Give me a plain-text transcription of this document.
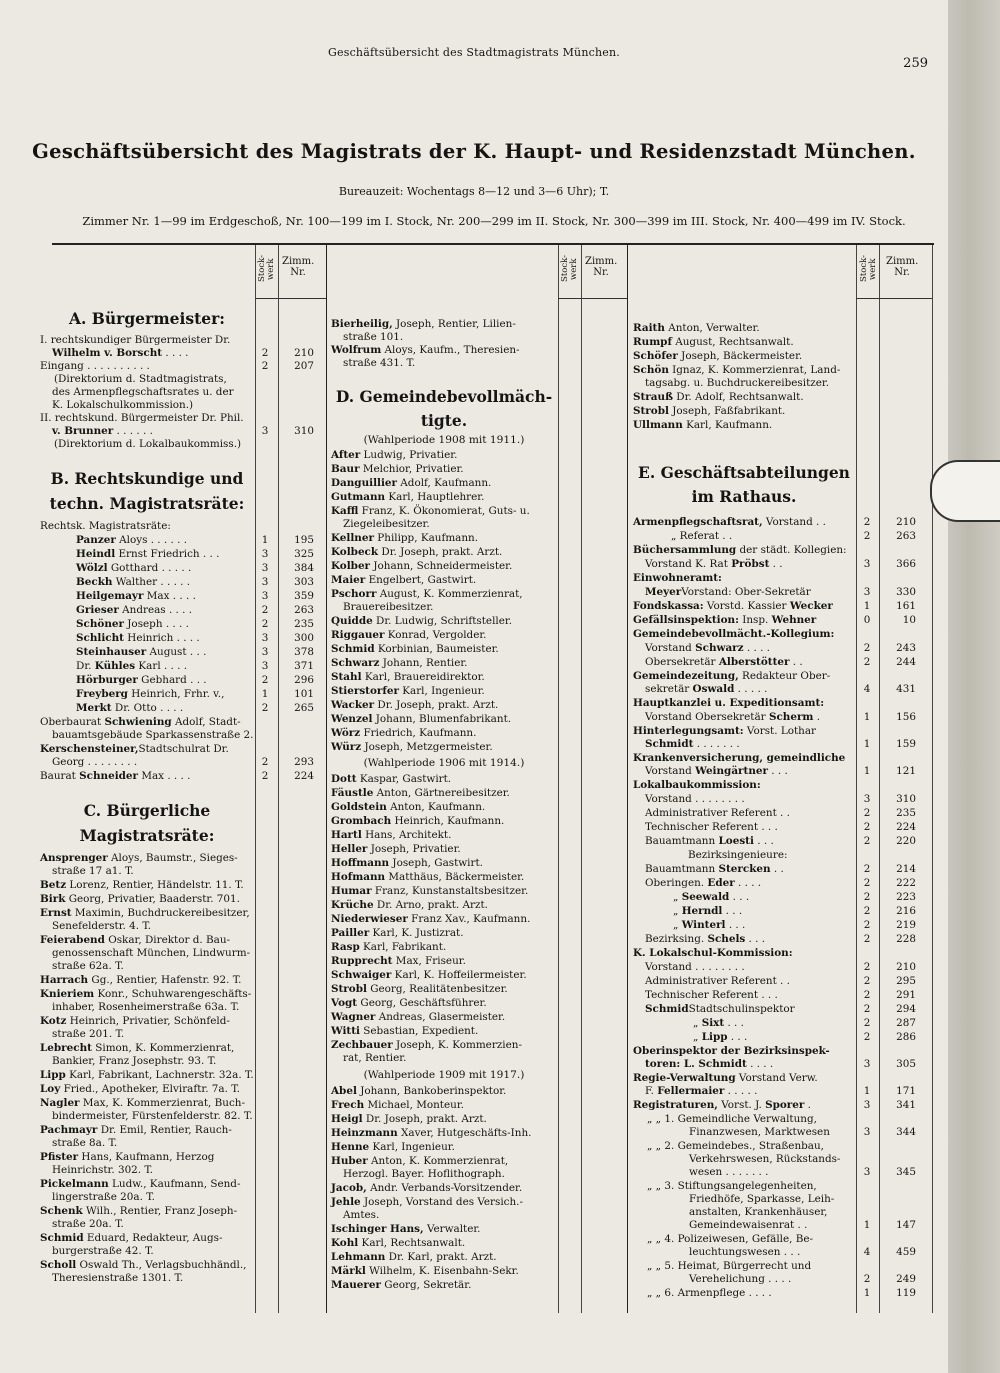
Geschäftsübersicht des Stadtmagistrats München.
259
Geschäftsübersicht des Magistrats der K. Haupt- und Residenzstadt München.
Bureauzeit: Wochentags 8—12 und 3—6 Uhr); T.
Zimmer Nr. 1—99 im Erdgeschoß, Nr. 100—199 im I. Stock, Nr. 200—299 im II. Stock, Nr. 300—399 im III. Stock, Nr. 400—499 im IV. Stock.
Stock-werk Zimm. Nr.	Stock-werk Zimm. Nr.	Stock-werk Zimm. Nr.
A. Bürgermeister:
I. rechtskundiger Bürgermeister Dr.
Wilhelm v. Borscht . . . .	2	210
Eingang . . . . . . . . . .	2	207
(Direktorium d. Stadtmagistrats,
des Armenpflegschaftsrates u. der
K. Lokalschulkommission.)
II. rechtskund. Bürgermeister Dr. Phil.
v. Brunner . . . . . .	3	310
(Direktorium d. Lokalbaukommiss.)
B. Rechtskundige und
techn. Magistratsräte:
Rechtsk. Magistratsräte:
Panzer Aloys . . . . . .	1	195
Heindl Ernst Friedrich . . .	3	325
Wölzl Gotthard . . . . .	3	384
Beckh Walther . . . . .	3	303
Heilgemayr Max . . . .	3	359
Grieser Andreas . . . .	2	263
Schöner Joseph . . . .	2	235
Schlicht Heinrich . . . .	3	300
Steinhauser August . . .	3	378
Dr. Kühles Karl . . . .	3	371
Hörburger Gebhard . . .	2	296
Freyberg Heinrich, Frhr. v.,	1	101
Merkt Dr. Otto . . . .	2	265
Oberbaurat Schwiening Adolf, Stadt-
bauamtsgebäude Sparkassenstraße 2.
Kerschensteiner,Stadtschulrat Dr.
Georg . . . . . . . .	2	293
Baurat Schneider Max . . . .	2	224
C. Bürgerliche
Magistratsräte:
Ansprenger Aloys, Baumstr., Sieges-
straße 17 a1. T.
Betz Lorenz, Rentier, Händelstr. 11. T.
Birk Georg, Privatier, Baaderstr. 701.
Ernst Maximin, Buchdruckereibesitzer,
Senefelderstr. 4. T.
Feierabend Oskar, Direktor d. Bau-
genossenschaft München, Lindwurm-
straße 62a. T.
Harrach Gg., Rentier, Hafenstr. 92. T.
Knieriem Konr., Schuhwarengeschäfts-
inhaber, Rosenheimerstraße 63a. T.
Kotz Heinrich, Privatier, Schönfeld-
straße 201. T.
Lebrecht Simon, K. Kommerzienrat,
Bankier, Franz Josephstr. 93. T.
Lipp Karl, Fabrikant, Lachnerstr. 32a. T.
Loy Fried., Apotheker, Elviraftr. 7a. T.
Nagler Max, K. Kommerzienrat, Buch-
bindermeister, Fürstenfelderstr. 82. T.
Pachmayr Dr. Emil, Rentier, Rauch-
straße 8a. T.
Pfister Hans, Kaufmann, Herzog
Heinrichstr. 302. T.
Pickelmann Ludw., Kaufmann, Send-
lingerstraße 20a. T.
Schenk Wilh., Rentier, Franz Joseph-
straße 20a. T.
Schmid Eduard, Redakteur, Augs-
burgerstraße 42. T.
Scholl Oswald Th., Verlagsbuchhändl.,
Theresienstraße 1301. T.
Bierheilig, Joseph, Rentier, Lilien-
straße 101.
Wolfrum Aloys, Kaufm., Theresien-
straße 431. T.
D. Gemeindebevollmäch-
tigte.
(Wahlperiode 1908 mit 1911.)
After Ludwig, Privatier.
Baur Melchior, Privatier.
Danguillier Adolf, Kaufmann.
Gutmann Karl, Hauptlehrer.
Kaffl Franz, K. Ökonomierat, Guts- u.
Ziegeleibesitzer.
Kellner Philipp, Kaufmann.
Kolbeck Dr. Joseph, prakt. Arzt.
Kolber Johann, Schneidermeister.
Maier Engelbert, Gastwirt.
Pschorr August, K. Kommerzienrat,
Brauereibesitzer.
Quidde Dr. Ludwig, Schriftsteller.
Riggauer Konrad, Vergolder.
Schmid Korbinian, Baumeister.
Schwarz Johann, Rentier.
Stahl Karl, Brauereidirektor.
Stierstorfer Karl, Ingenieur.
Wacker Dr. Joseph, prakt. Arzt.
Wenzel Johann, Blumenfabrikant.
Wörz Friedrich, Kaufmann.
Würz Joseph, Metzgermeister.
(Wahlperiode 1906 mit 1914.)
Dott Kaspar, Gastwirt.
Fäustle Anton, Gärtnereibesitzer.
Goldstein Anton, Kaufmann.
Grombach Heinrich, Kaufmann.
Hartl Hans, Architekt.
Heller Joseph, Privatier.
Hoffmann Joseph, Gastwirt.
Hofmann Matthäus, Bäckermeister.
Humar Franz, Kunstanstaltsbesitzer.
Krüche Dr. Arno, prakt. Arzt.
Niederwieser Franz Xav., Kaufmann.
Pailler Karl, K. Justizrat.
Rasp Karl, Fabrikant.
Rupprecht Max, Friseur.
Schwaiger Karl, K. Hoffeilermeister.
Strobl Georg, Realitätenbesitzer.
Vogt Georg, Geschäftsführer.
Wagner Andreas, Glasermeister.
Witti Sebastian, Expedient.
Zechbauer Joseph, K. Kommerzien-
rat, Rentier.
(Wahlperiode 1909 mit 1917.)
Abel Johann, Bankoberinspektor.
Frech Michael, Monteur.
Heigl Dr. Joseph, prakt. Arzt.
Heinzmann Xaver, Hutgeschäfts-Inh.
Henne Karl, Ingenieur.
Huber Anton, K. Kommerzienrat,
Herzogl. Bayer. Hoflithograph.
Jacob, Andr. Verbands-Vorsitzender.
Jehle Joseph, Vorstand des Versich.-
Amtes.
Ischinger Hans, Verwalter.
Kohl Karl, Rechtsanwalt.
Lehmann Dr. Karl, prakt. Arzt.
Märkl Wilhelm, K. Eisenbahn-Sekr.
Mauerer Georg, Sekretär.
Raith Anton, Verwalter.
Rumpf August, Rechtsanwalt.
Schöfer Joseph, Bäckermeister.
Schön Ignaz, K. Kommerzienrat, Land-
tagsabg. u. Buchdruckereibesitzer.
Strauß Dr. Adolf, Rechtsanwalt.
Strobl Joseph, Faßfabrikant.
Ullmann Karl, Kaufmann.
E. Geschäftsabteilungen
im Rathaus.
Armenpflegschaftsrat, Vorstand . .	2	210
„ Referat . .	2	263
Büchersammlung der städt. Kollegien:
Vorstand K. Rat Pröbst . .	3	366
Einwohneramt:
MeyerVorstand: Ober-Sekretär	3	330
Fondskassa: Vorstd. Kassier Wecker	1	161
Gefällsinspektion: Insp. Wehner	0	10
Gemeindebevollmächt.-Kollegium:
Vorstand Schwarz . . . .	2	243
Obersekretär Alberstötter . .	2	244
Gemeindezeitung, Redakteur Ober-
sekretär Oswald . . . . .	4	431
Hauptkanzlei u. Expeditionsamt:
Vorstand Obersekretär Scherm .	1	156
Hinterlegungsamt: Vorst. Lothar
Schmidt . . . . . . .	1	159
Krankenversicherung, gemeindliche
Vorstand Weingärtner . . .	1	121
Lokalbaukommission:
Vorstand . . . . . . . .	3	310
Administrativer Referent . .	2	235
Technischer Referent . . .	2	224
Bauamtmann Loesti . . .	2	220
Bezirksingenieure:
Bauamtmann Stercken . .	2	214
Oberingen. Eder . . . .	2	222
„ Seewald . . .	2	223
„ Herndl . . .	2	216
„ Winterl . . .	2	219
Bezirksing. Schels . . .	2	228
K. Lokalschul-Kommission:
Vorstand . . . . . . . .	2	210
Administrativer Referent . .	2	295
Technischer Referent . . .	2	291
SchmidStadtschulinspektor	2	294
„ Sixt . . .	2	287
„ Lipp . . .	2	286
Oberinspektor der Bezirksinspek-
toren: L. Schmidt . . . .	3	305
Regie-Verwaltung Vorstand Verw.
F. Fellermaier . . . . .	1	171
Registraturen, Vorst. J. Sporer .	3	341
„ „ 1. Gemeindliche Verwaltung,
Finanzwesen, Marktwesen	3	344
„ „ 2. Gemeindebes., Straßenbau,
Verkehrswesen, Rückstands-
wesen . . . . . . .	3	345
„ „ 3. Stiftungsangelegenheiten,
Friedhöfe, Sparkasse, Leih-
anstalten, Krankenhäuser,
Gemeindewaisenrat . .	1	147
„ „ 4. Polizeiwesen, Gefälle, Be-
leuchtungswesen . . .	4	459
„ „ 5. Heimat, Bürgerrecht und
Verehelichung . . . .	2	249
„ „ 6. Armenpflege . . . .	1	119
